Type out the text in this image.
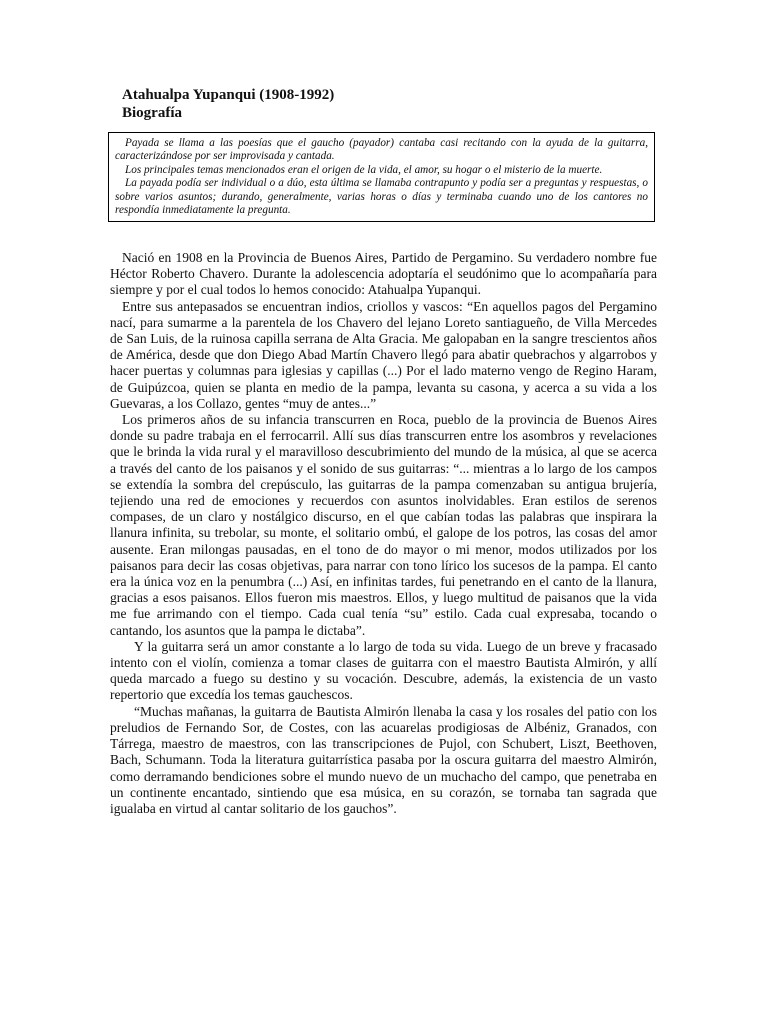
Atahualpa Yupanqui (1908-1992)
Biografía

Payada se llama a las poesías que el gaucho (payador) cantaba casi recitando con la ayuda de la guitarra, caracterizándose por ser improvisada y cantada.

Los principales temas mencionados eran el origen de la vida, el amor, su hogar o el misterio de la muerte.

La payada podía ser individual o a dúo, esta última se llamaba contrapunto y podía ser a preguntas y respuestas, o sobre varios asuntos; durando, generalmente, varias horas o días y terminaba cuando uno de los cantores no respondía inmediatamente la pregunta.

Nació en 1908 en la Provincia de Buenos Aires, Partido de Pergamino. Su verdadero nombre fue Héctor Roberto Chavero. Durante la adolescencia adoptaría el seudónimo que lo acompañaría para siempre y por el cual todos lo hemos conocido: Atahualpa Yupanqui.

Entre sus antepasados se encuentran indios, criollos y vascos: “En aquellos pagos del Pergamino nací, para sumarme a la parentela de los Chavero del lejano Loreto santiagueño, de Villa Mercedes de San Luis, de la ruinosa capilla serrana de Alta Gracia. Me galopaban en la sangre trescientos años de América, desde que don Diego Abad Martín Chavero llegó para abatir quebrachos y algarrobos y hacer puertas y columnas para iglesias y capillas (...) Por el lado materno vengo de Regino Haram, de Guipúzcoa, quien se planta en medio de la pampa, levanta su casona, y acerca a su vida a los Guevaras, a los Collazo, gentes “muy de antes...”

Los primeros años de su infancia transcurren en Roca, pueblo de la provincia de Buenos Aires donde su padre trabaja en el ferrocarril. Allí sus días transcurren entre los asombros y revelaciones que le brinda la vida rural y el maravilloso descubrimiento del mundo de la música, al que se acerca a través del canto de los paisanos y el sonido de sus guitarras: “... mientras a lo largo de los campos se extendía la sombra del crepúsculo, las guitarras de la pampa comenzaban su antigua brujería, tejiendo una red de emociones y recuerdos con asuntos inolvidables. Eran estilos de serenos compases, de un claro y nostálgico discurso, en el que cabían todas las palabras que inspirara la llanura infinita, su trebolar, su monte, el solitario ombú, el galope de los potros, las cosas del amor ausente. Eran milongas pausadas, en el tono de do mayor o mi menor, modos utilizados por los paisanos para decir las cosas objetivas, para narrar con tono lírico los sucesos de la pampa. El canto era la única voz en la penumbra (...) Así, en infinitas tardes, fui penetrando en el canto de la llanura, gracias a esos paisanos. Ellos fueron mis maestros. Ellos, y luego multitud de paisanos que la vida me fue arrimando con el tiempo. Cada cual tenía “su” estilo. Cada cual expresaba, tocando o cantando, los asuntos que la pampa le dictaba”.

Y la guitarra será un amor constante a lo largo de toda su vida. Luego de un breve y fracasado intento con el violín, comienza a tomar clases de guitarra con el maestro Bautista Almirón, y allí queda marcado a fuego su destino y su vocación. Descubre, además, la existencia de un vasto repertorio que excedía los temas gauchescos.

“Muchas mañanas, la guitarra de Bautista Almirón llenaba la casa y los rosales del patio con los preludios de Fernando Sor, de Costes, con las acuarelas prodigiosas de Albéniz, Granados, con Tárrega, maestro de maestros, con las transcripciones de Pujol, con Schubert, Liszt, Beethoven, Bach, Schumann. Toda la literatura guitarrística pasaba por la oscura guitarra del maestro Almirón, como derramando bendiciones sobre el mundo nuevo de un muchacho del campo, que penetraba en un continente encantado, sintiendo que esa música, en su corazón, se tornaba tan sagrada que igualaba en virtud al cantar solitario de los gauchos”.
